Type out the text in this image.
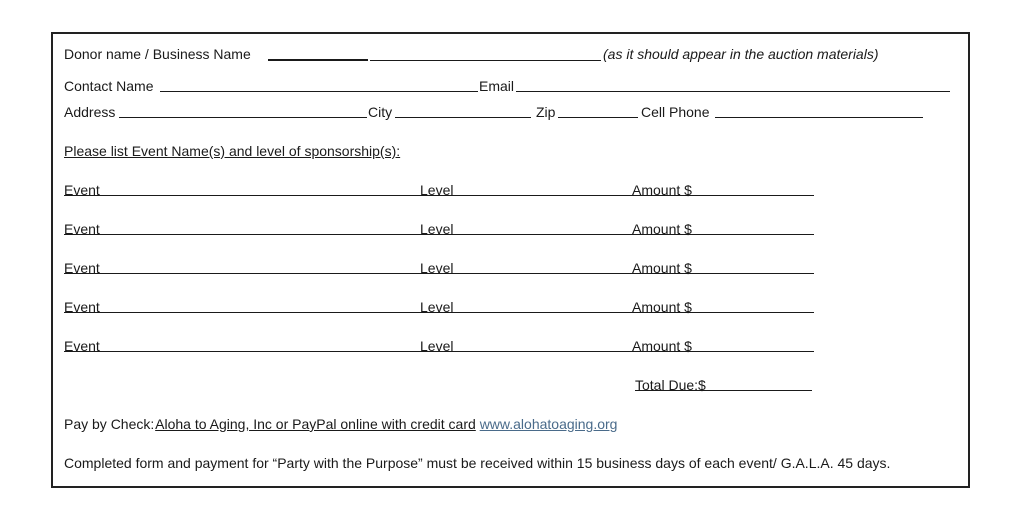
Donor name / Business Name	(as it should appear in the auction materials)
Contact Name	Email
Address	City	Zip	Cell Phone
Please list Event Name(s) and level of sponsorship(s):
Event	Level	Amount $
Event	Level	Amount $
Event	Level	Amount $
Event	Level	Amount $
Event	Level	Amount $
Total Due:$
Pay by Check: Aloha to Aging, Inc or PayPal online with credit card www.alohatoaging.org
Completed form and payment for “Party with the Purpose” must be received within 15 business days of each event/ G.A.L.A. 45 days.
